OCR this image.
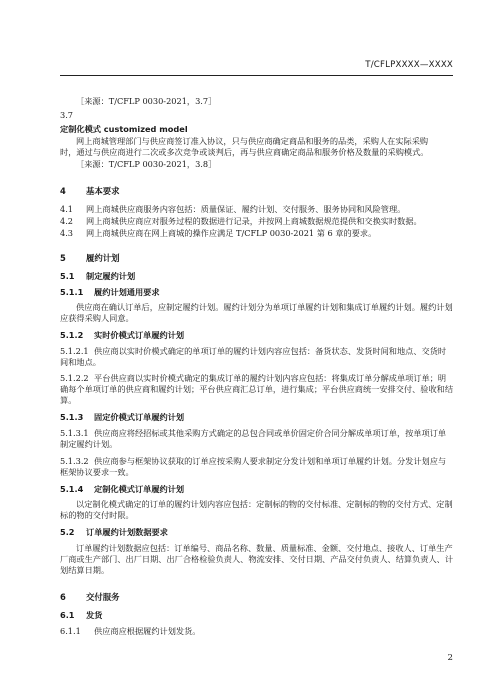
T/CFLPXXXX—XXXX
［来源：T/CFLP 0030-2021，3.7］
3.7
定制化模式 customized model
网上商城管理部门与供应商签订准入协议，只与供应商确定商品和服务的品类，采购人在实际采购
时，通过与供应商进行二次或多次竞争或谈判后，再与供应商确定商品和服务价格及数量的采购模式。
［来源：T/CFLP 0030-2021，3.8］
4 基本要求
4.1 网上商城供应商服务内容包括：质量保证、履约计划、交付服务、服务协同和风险管理。
4.2 网上商城供应商应对服务过程的数据进行记录，并按网上商城数据规范提供和交换实时数据。
4.3 网上商城供应商在网上商城的操作应满足 T/CFLP 0030-2021 第 6 章的要求。
5 履约计划
5.1 制定履约计划
5.1.1 履约计划通用要求
供应商在确认订单后，应制定履约计划。履约计划分为单项订单履约计划和集成订单履约计划。履约计划应获得采购人同意。
5.1.2 实时价模式订单履约计划
5.1.2.1 供应商以实时价模式确定的单项订单的履约计划内容应包括：备货状态、发货时间和地点、交货时间和地点。
5.1.2.2 平台供应商以实时价模式确定的集成订单的履约计划内容应包括：将集成订单分解成单项订单；明确每个单项订单的供应商和履约计划；平台供应商汇总订单，进行集成；平台供应商统一安排交付、验收和结算。
5.1.3 固定价模式订单履约计划
5.1.3.1 供应商应将经招标或其他采购方式确定的总包合同或单价固定价合同分解成单项订单，按单项订单制定履约计划。
5.1.3.2 供应商参与框架协议获取的订单应按采购人要求制定分发计划和单项订单履约计划。分发计划应与框架协议要求一致。
5.1.4 定制化模式订单履约计划
以定制化模式确定的订单的履约计划内容应包括：定制标的物的交付标准、定制标的物的交付方式、定制标的物的交付时限。
5.2 订单履约计划数据要求
订单履约计划数据应包括：订单编号、商品名称、数量、质量标准、金额、交付地点、接收人、订单生产厂商或生产部门、出厂日期、出厂合格检验负责人、物流安排、交付日期、产品交付负责人、结算负责人、计划结算日期。
6 交付服务
6.1 发货
6.1.1 供应商应根据履约计划发货。
2
